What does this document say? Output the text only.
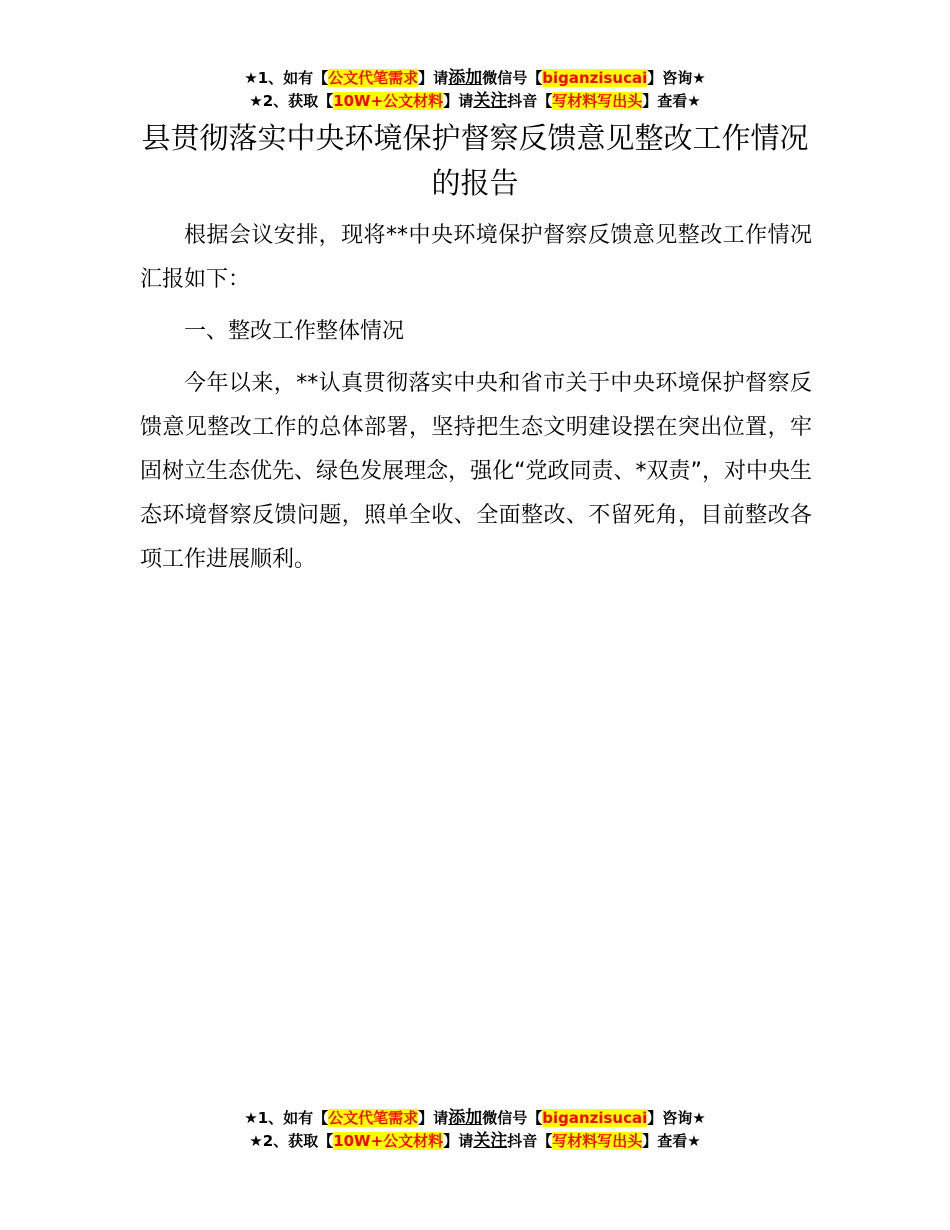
★1、如有【公文代笔需求】请添加微信号【biganzisucai】咨询★
★2、获取【10W+公文材料】请关注抖音【写材料写出头】查看★
县贯彻落实中央环境保护督察反馈意见整改工作情况的报告

根据会议安排，现将**中央环境保护督察反馈意见整改工作情况汇报如下：

一、整改工作整体情况

今年以来，**认真贯彻落实中央和省市关于中央环境保护督察反馈意见整改工作的总体部署，坚持把生态文明建设摆在突出位置，牢固树立生态优先、绿色发展理念，强化“党政同责、*双责”，对中央生态环境督察反馈问题，照单全收、全面整改、不留死角，目前整改各项工作进展顺利。

★1、如有【公文代笔需求】请添加微信号【biganzisucai】咨询★
★2、获取【10W+公文材料】请关注抖音【写材料写出头】查看★
